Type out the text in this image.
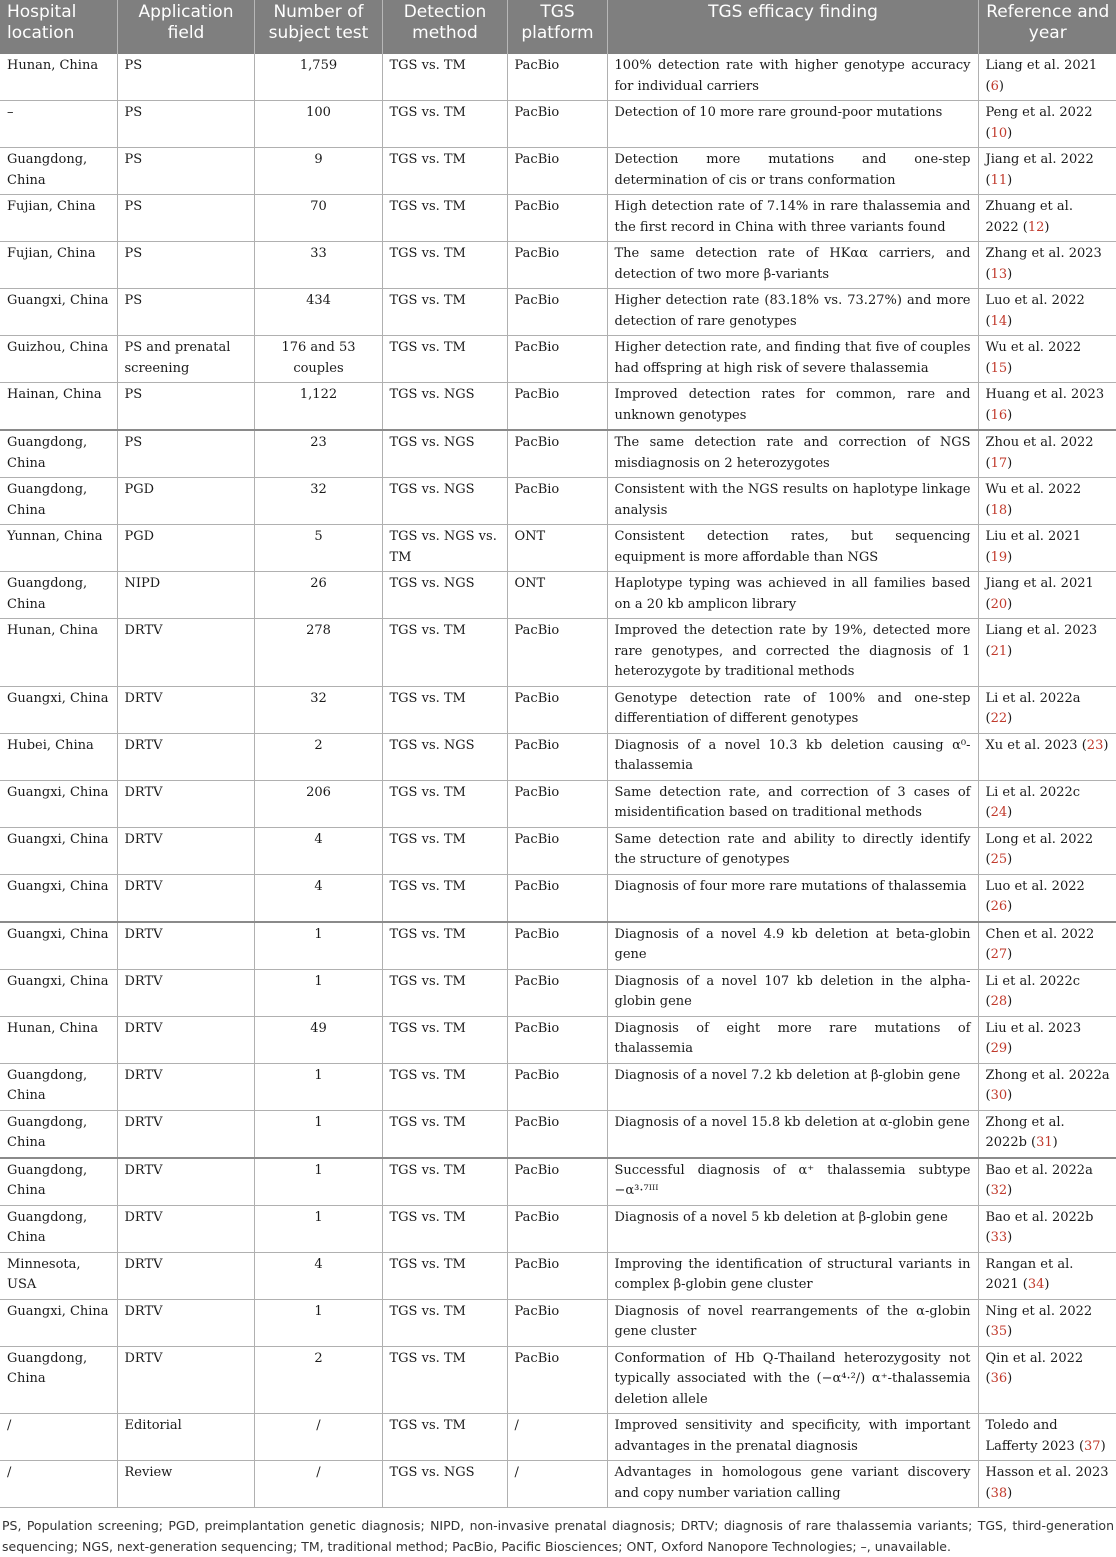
Hospital location	Application field	Number of subject test	Detection method	TGS platform	TGS efficacy finding	Reference and year
Hunan, China	PS	1,759	TGS vs. TM	PacBio	100% detection rate with higher genotype accuracy for individual carriers	Liang et al. 2021 (6)
–	PS	100	TGS vs. TM	PacBio	Detection of 10 more rare ground-poor mutations	Peng et al. 2022 (10)
Guangdong, China	PS	9	TGS vs. TM	PacBio	Detection more mutations and one-step determination of cis or trans conformation	Jiang et al. 2022 (11)
Fujian, China	PS	70	TGS vs. TM	PacBio	High detection rate of 7.14% in rare thalassemia and the first record in China with three variants found	Zhuang et al. 2022 (12)
Fujian, China	PS	33	TGS vs. TM	PacBio	The same detection rate of HKαα carriers, and detection of two more β-variants	Zhang et al. 2023 (13)
Guangxi, China	PS	434	TGS vs. TM	PacBio	Higher detection rate (83.18% vs. 73.27%) and more detection of rare genotypes	Luo et al. 2022 (14)
Guizhou, China	PS and prenatal screening	176 and 53 couples	TGS vs. TM	PacBio	Higher detection rate, and finding that five of couples had offspring at high risk of severe thalassemia	Wu et al. 2022 (15)
Hainan, China	PS	1,122	TGS vs. NGS	PacBio	Improved detection rates for common, rare and unknown genotypes	Huang et al. 2023 (16)
Guangdong, China	PS	23	TGS vs. NGS	PacBio	The same detection rate and correction of NGS misdiagnosis on 2 heterozygotes	Zhou et al. 2022 (17)
Guangdong, China	PGD	32	TGS vs. NGS	PacBio	Consistent with the NGS results on haplotype linkage analysis	Wu et al. 2022 (18)
Yunnan, China	PGD	5	TGS vs. NGS vs. TM	ONT	Consistent detection rates, but sequencing equipment is more affordable than NGS	Liu et al. 2021 (19)
Guangdong, China	NIPD	26	TGS vs. NGS	ONT	Haplotype typing was achieved in all families based on a 20 kb amplicon library	Jiang et al. 2021 (20)
Hunan, China	DRTV	278	TGS vs. TM	PacBio	Improved the detection rate by 19%, detected more rare genotypes, and corrected the diagnosis of 1 heterozygote by traditional methods	Liang et al. 2023 (21)
Guangxi, China	DRTV	32	TGS vs. TM	PacBio	Genotype detection rate of 100% and one-step differentiation of different genotypes	Li et al. 2022a (22)
Hubei, China	DRTV	2	TGS vs. NGS	PacBio	Diagnosis of a novel 10.3 kb deletion causing α⁰-thalassemia	Xu et al. 2023 (23)
Guangxi, China	DRTV	206	TGS vs. TM	PacBio	Same detection rate, and correction of 3 cases of misidentification based on traditional methods	Li et al. 2022c (24)
Guangxi, China	DRTV	4	TGS vs. TM	PacBio	Same detection rate and ability to directly identify the structure of genotypes	Long et al. 2022 (25)
Guangxi, China	DRTV	4	TGS vs. TM	PacBio	Diagnosis of four more rare mutations of thalassemia	Luo et al. 2022 (26)
Guangxi, China	DRTV	1	TGS vs. TM	PacBio	Diagnosis of a novel 4.9 kb deletion at beta-globin gene	Chen et al. 2022 (27)
Guangxi, China	DRTV	1	TGS vs. TM	PacBio	Diagnosis of a novel 107 kb deletion in the alpha-globin gene	Li et al. 2022c (28)
Hunan, China	DRTV	49	TGS vs. TM	PacBio	Diagnosis of eight more rare mutations of thalassemia	Liu et al. 2023 (29)
Guangdong, China	DRTV	1	TGS vs. TM	PacBio	Diagnosis of a novel 7.2 kb deletion at β-globin gene	Zhong et al. 2022a (30)
Guangdong, China	DRTV	1	TGS vs. TM	PacBio	Diagnosis of a novel 15.8 kb deletion at α-globin gene	Zhong et al. 2022b (31)
Guangdong, China	DRTV	1	TGS vs. TM	PacBio	Successful diagnosis of α⁺ thalassemia subtype −α³·⁷ᴵᴵᴵ	Bao et al. 2022a (32)
Guangdong, China	DRTV	1	TGS vs. TM	PacBio	Diagnosis of a novel 5 kb deletion at β-globin gene	Bao et al. 2022b (33)
Minnesota, USA	DRTV	4	TGS vs. TM	PacBio	Improving the identification of structural variants in complex β-globin gene cluster	Rangan et al. 2021 (34)
Guangxi, China	DRTV	1	TGS vs. TM	PacBio	Diagnosis of novel rearrangements of the α-globin gene cluster	Ning et al. 2022 (35)
Guangdong, China	DRTV	2	TGS vs. TM	PacBio	Conformation of Hb Q-Thailand heterozygosity not typically associated with the (−α⁴·²/) α⁺-thalassemia deletion allele	Qin et al. 2022 (36)
/	Editorial	/	TGS vs. TM	/	Improved sensitivity and specificity, with important advantages in the prenatal diagnosis	Toledo and Lafferty 2023 (37)
/	Review	/	TGS vs. NGS	/	Advantages in homologous gene variant discovery and copy number variation calling	Hasson et al. 2023 (38)
PS, Population screening; PGD, preimplantation genetic diagnosis; NIPD, non-invasive prenatal diagnosis; DRTV; diagnosis of rare thalassemia variants; TGS, third-generation sequencing; NGS, next-generation sequencing; TM, traditional method; PacBio, Pacific Biosciences; ONT, Oxford Nanopore Technologies; –, unavailable.
